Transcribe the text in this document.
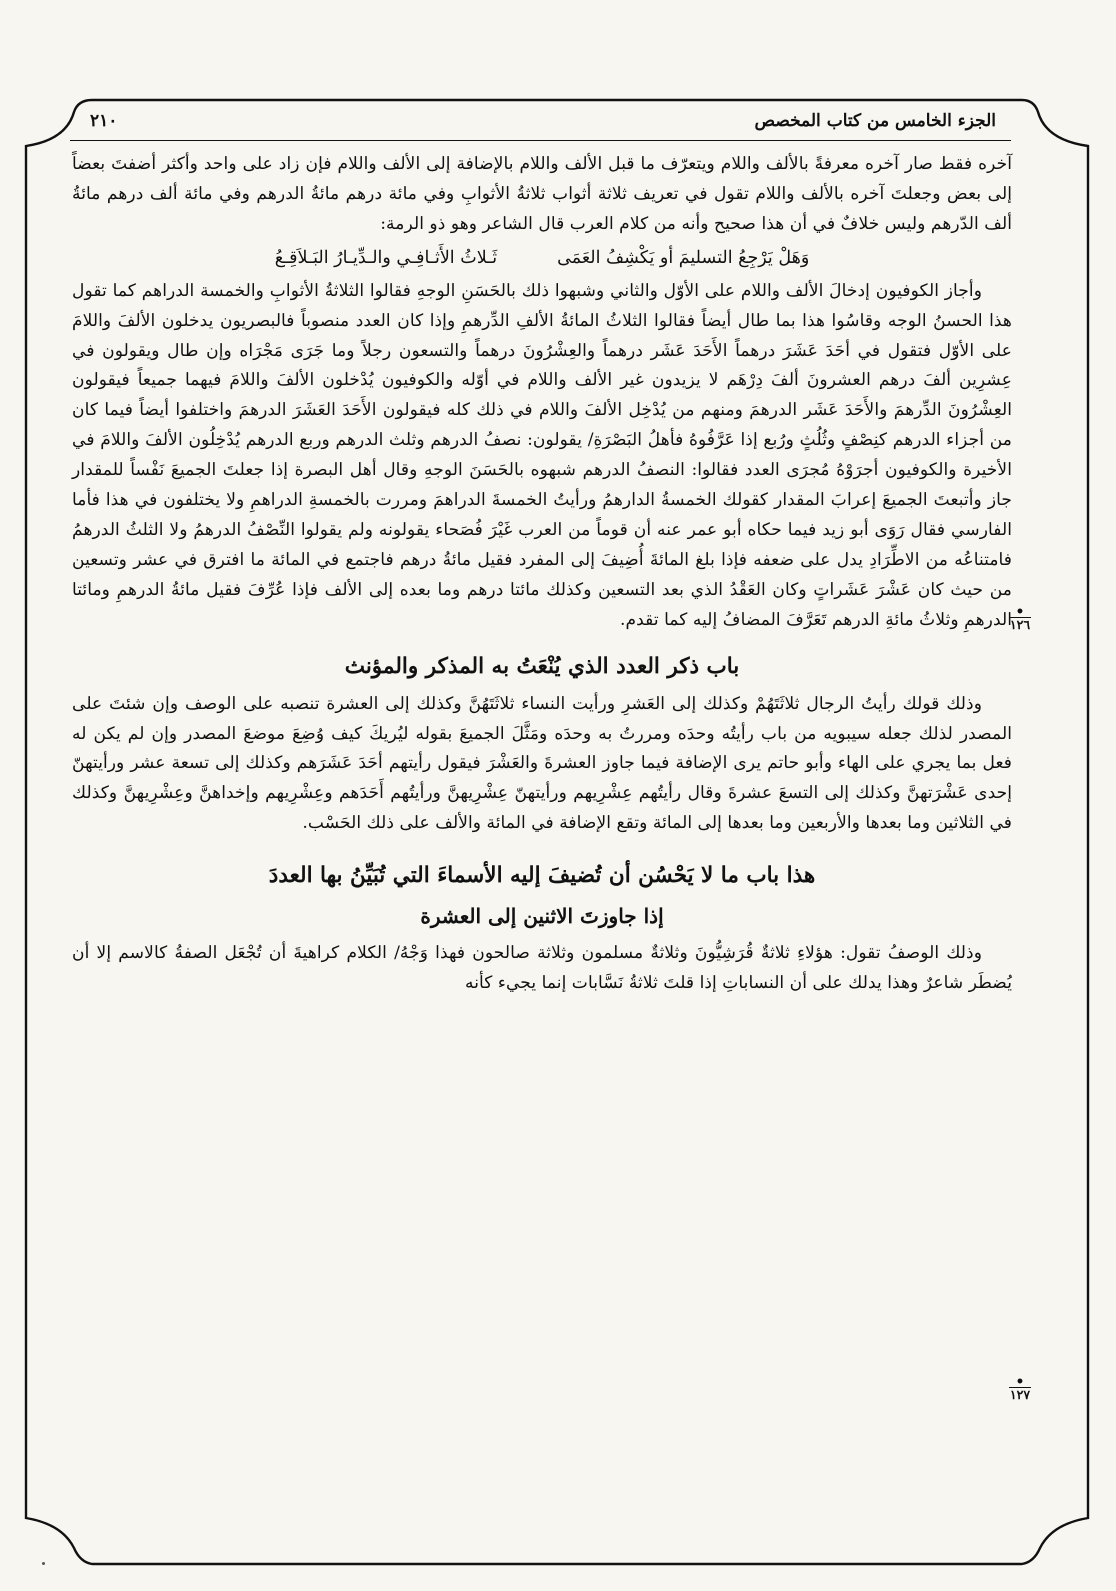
الجزء الخامس من كتاب المخصص
٢١٠
•
١٢٦
•
١٢٧

آخره فقط صار آخره معرفةً بالألف واللام ويتعرّف ما قبل الألف واللام بالإضافة إلى الألف واللام فإن زاد على واحد وأكثر أضفتَ بعضاً إلى بعض وجعلتَ آخره بالألف واللام تقول في تعريف ثلاثة أثواب ثلاثةُ الأثوابِ وفي مائة درهم مائةُ الدرهم وفي مائة ألف درهم مائةُ ألف الدّرهم وليس خلافٌ في أن هذا صحيح وأنه من كلام العرب قال الشاعر وهو ذو الرمة:

وَهَلْ يَرْجِعُ التسليمَ أو يَكْشِفُ العَمَى
ثَـلاثُ الأَثـافِـي والـدِّيـارُ البَـلاَقِـعُ

وأجاز الكوفيون إدخالَ الألف واللام على الأوّل والثاني وشبهوا ذلك بالحَسَنِ الوجهِ فقالوا الثلاثةُ الأثوابِ والخمسة الدراهم كما تقول هذا الحسنُ الوجه وقاسُوا هذا بما طال أيضاً فقالوا الثلاثُ المائةُ الألفِ الدِّرهمِ وإذا كان العدد منصوباً فالبصريون يدخلون الألفَ واللامَ على الأوّل فتقول في أحَدَ عَشَرَ درهماً الأَحَدَ عَشَر درهماً والعِشْرُونَ درهماً والتسعون رجلاً وما جَرَى مَجْرَاه وإن طال ويقولون في عِشرِين ألفَ درهم العشرونَ ألفَ دِرْهَم لا يزيدون غير الألف واللام في أوّله والكوفيون يُدْخلون الألفَ واللامَ فيهما جميعاً فيقولون العِشْرُونَ الدِّرهمَ والأَحَدَ عَشَر الدرهمَ ومنهم من يُدْخِل الألفَ واللام في ذلك كله فيقولون الأَحَدَ العَشَرَ الدرهمَ واختلفوا أيضاً فيما كان من أجزاء الدرهم كنِصْفٍ وثُلُثٍ ورُبع إذا عَرَّفُوهُ فأهلُ البَصْرَةِ/ يقولون: نصفُ الدرهم وثلث الدرهم وربع الدرهم يُدْخِلُون الألفَ واللامَ في الأخيرة والكوفيون أجرَوْهُ مُجرَى العدد فقالوا: النصفُ الدرهم شبهوه بالحَسَنَ الوجهِ وقال أهل البصرة إذا جعلتَ الجميعَ نَفْساً للمقدار جاز وأتبعتَ الجميعَ إعرابَ المقدار كقولك الخمسةُ الدارهمُ ورأيتُ الخمسةَ الدراهمَ ومررت بالخمسةِ الدراهمِ ولا يختلفون في هذا فأما الفارسي فقال رَوَى أبو زيد فيما حكاه أبو عمر عنه أن قوماً من العرب غَيْرَ فُصَحاء يقولونه ولم يقولوا النِّصْفُ الدرهمُ ولا الثلثُ الدرهمُ فامتناعُه من الاطِّرَادِ يدل على ضعفه فإذا بلغ المائةَ أُضِيفَ إلى المفرد فقيل مائةُ درهم فاجتمع في المائة ما افترق في عشر وتسعين من حيث كان عَشْرَ عَشَراتٍ وكان العَقْدُ الذي بعد التسعين وكذلك مائتا درهم وما بعده إلى الألف فإذا عُرِّفَ فقيل مائةُ الدرهمِ ومائتا الدرهمِ وثلاثُ مائةِ الدرهم تَعَرَّفَ المضافُ إليه كما تقدم.

باب ذكر العدد الذي يُنْعَتُ به المذكر والمؤنث

وذلك قولك رأيتُ الرجال ثلاثَتَهُمْ وكذلك إلى العَشرِ ورأيت النساء ثلاثَتَهُنَّ وكذلك إلى العشرة تنصبه على الوصف وإن شئتَ على المصدر لذلك جعله سيبويه من باب رأيتُه وحدَه ومررتُ به وحدَه ومَثَّلَ الجميعَ بقوله ليُريكَ كيف وُضِعَ موضعَ المصدر وإن لم يكن له فعل بما يجري على الهاء وأبو حاتم يرى الإضافة فيما جاوز العشرةَ والعَشْرَ فيقول رأيتهم أحَدَ عَشَرَهم وكذلك إلى تسعة عشر ورأيتهنّ إحدى عَشْرَتهنَّ وكذلك إلى التسعَ عشرةَ وقال رأيتُهم عِشْرِيهم ورأيتهنّ عِشْرِيهنَّ ورأيتُهم أَحَدَهم وعِشْرِيهم وإخداهنَّ وعِشْرِيهنَّ وكذلك في الثلاثين وما بعدها والأربعين وما بعدها إلى المائة وتقع الإضافة في المائة والألف على ذلك الحَسْب.

هذا باب ما لا يَحْسُن أن تُضيفَ إليه الأسماءَ التي تُبَيِّنُ بها العددَ
إذا جاوزتَ الاثنين إلى العشرة

وذلك الوصفُ تقول: هؤلاءِ ثلاثةٌ قُرَشِيُّونَ وثلاثةٌ مسلمون وثلاثة صالحون فهذا وَجْهُ/ الكلام كراهيةَ أن تُجْعَل الصفةُ كالاسم إلا أن يُضطَر شاعرٌ وهذا يدلك على أن النساباتِ إذا قلتَ ثلاثةُ نَسَّابات إنما يجيء كأنه
